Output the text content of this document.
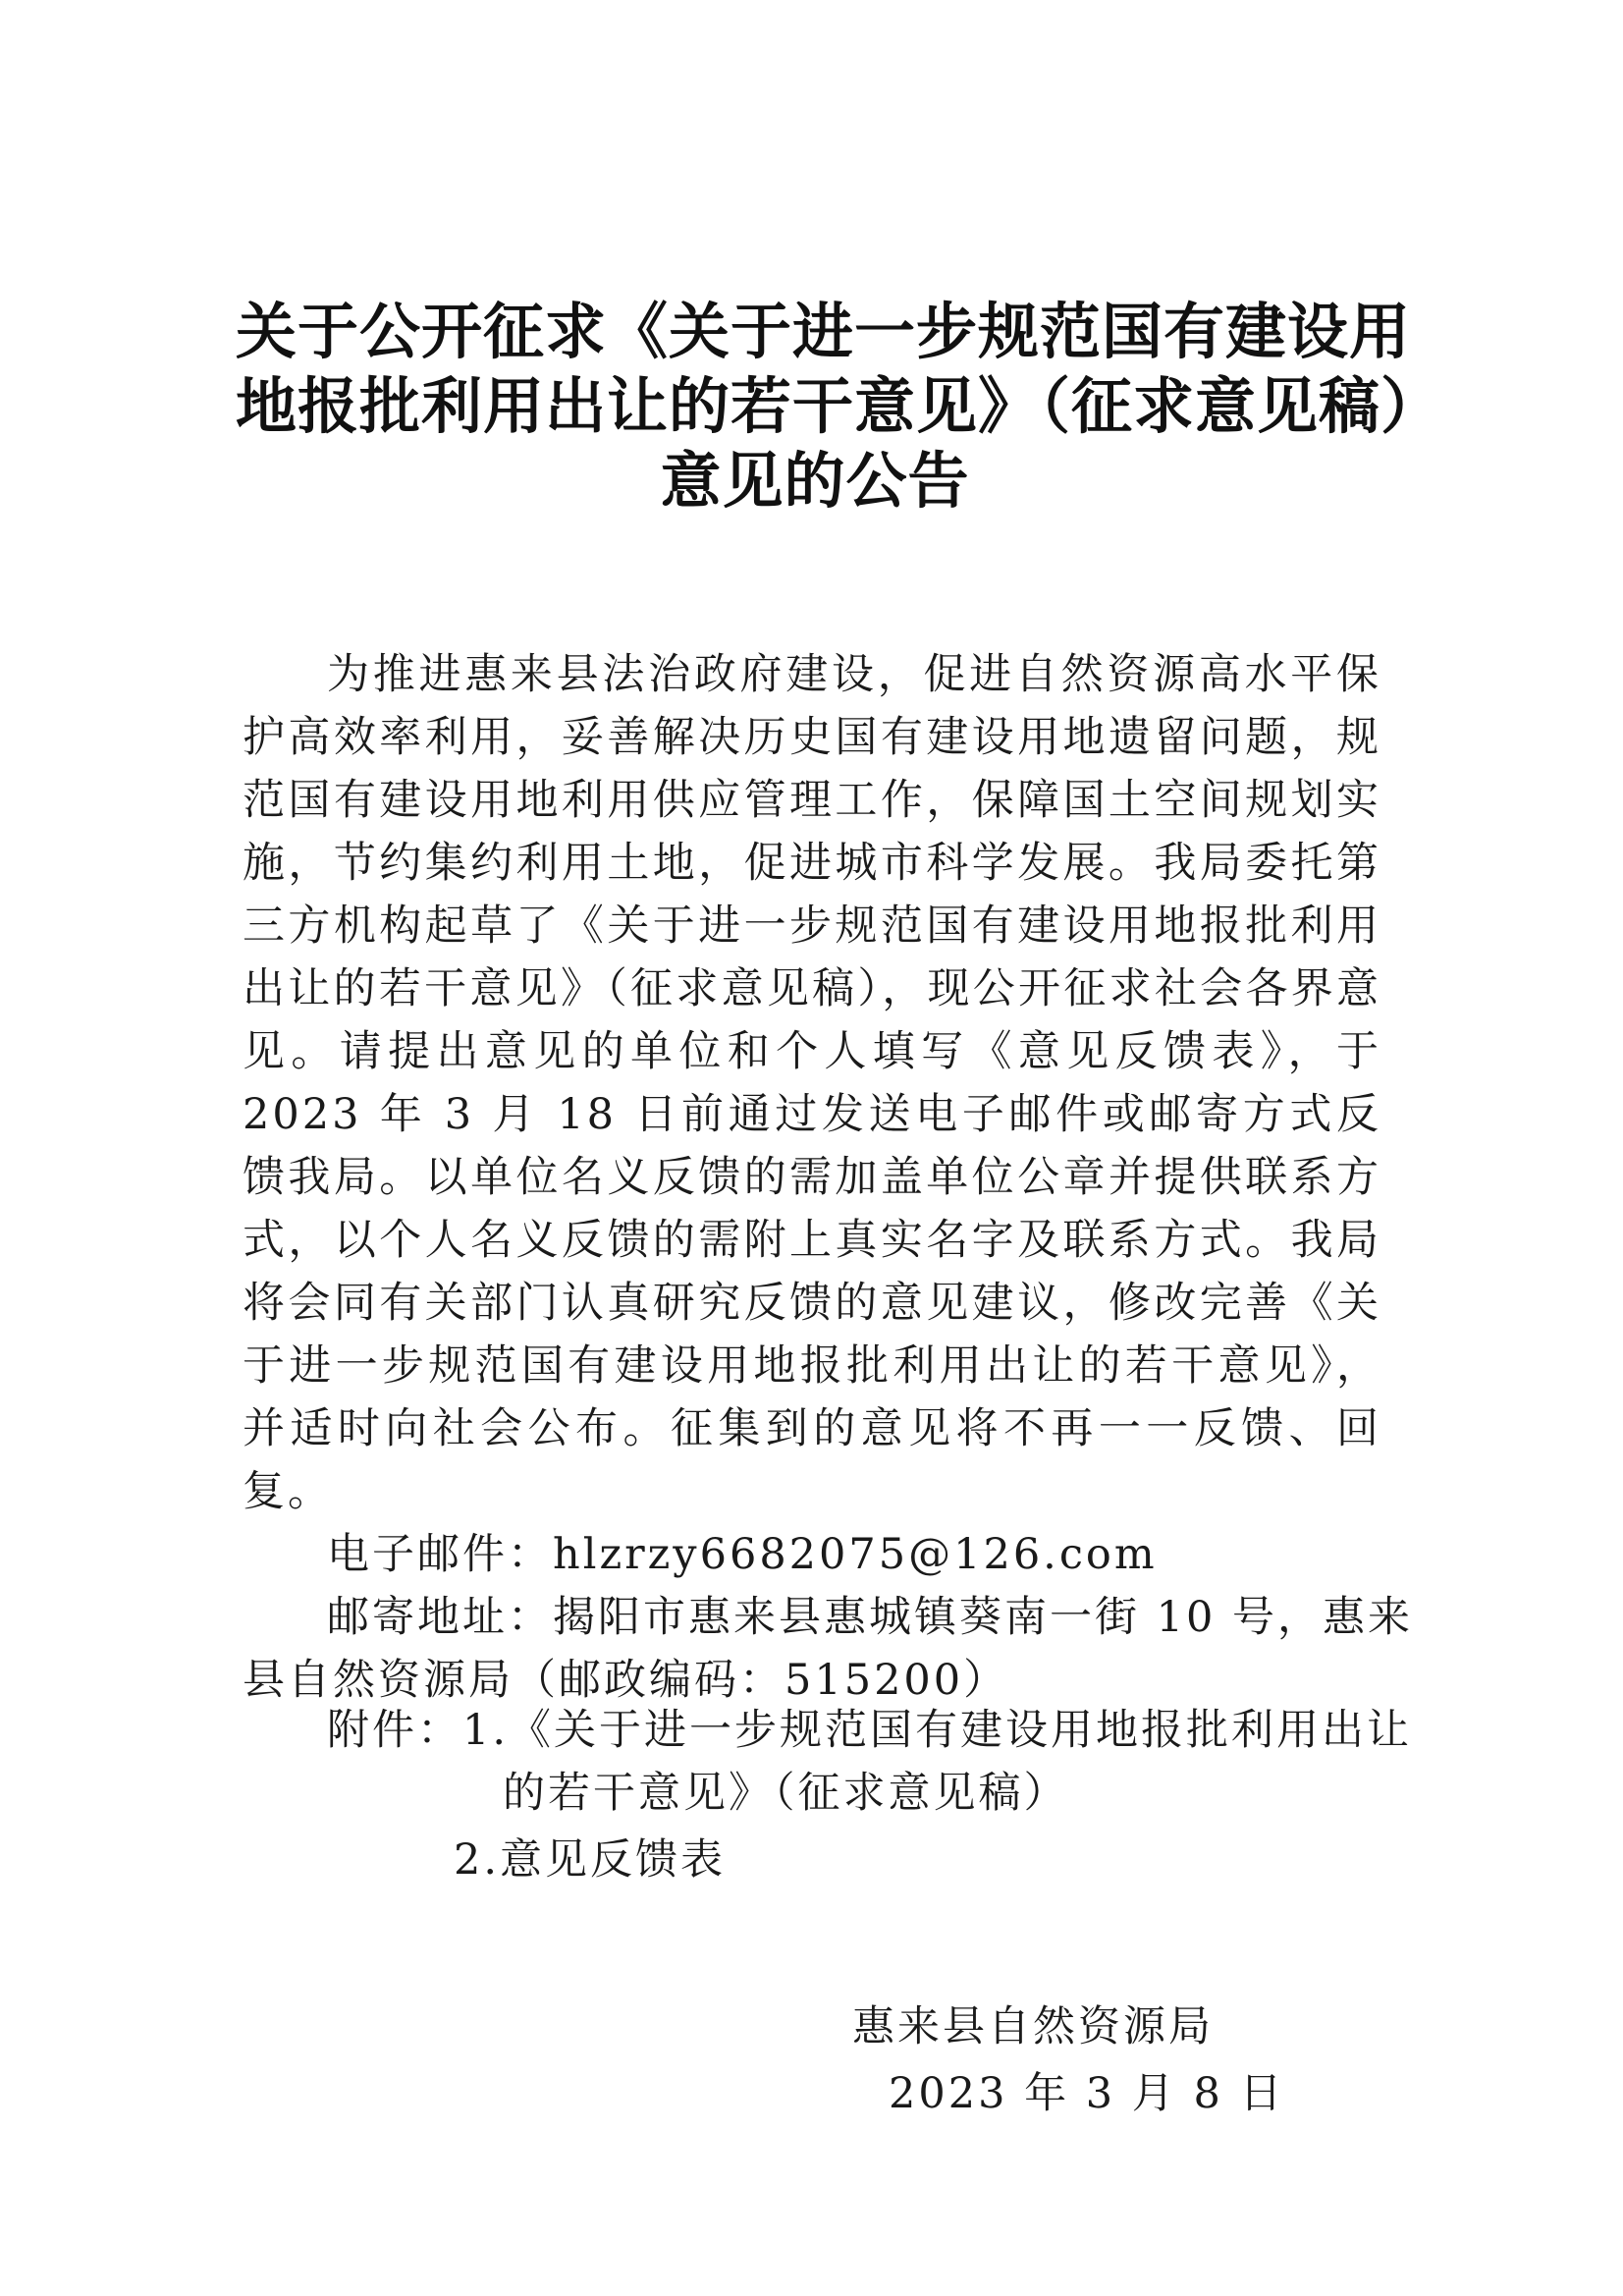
关于公开征求《关于进一步规范国有建设用
地报批利用出让的若干意见》（征求意见稿）
意见的公告

为推进惠来县法治政府建设，促进自然资源高水平保护高效率利用，妥善解决历史国有建设用地遗留问题，规范国有建设用地利用供应管理工作，保障国土空间规划实施，节约集约利用土地，促进城市科学发展。我局委托第三方机构起草了《关于进一步规范国有建设用地报批利用出让的若干意见》（征求意见稿），现公开征求社会各界意见。请提出意见的单位和个人填写《意见反馈表》，于 2023 年 3 月 18 日前通过发送电子邮件或邮寄方式反馈我局。以单位名义反馈的需加盖单位公章并提供联系方式，以个人名义反馈的需附上真实名字及联系方式。我局将会同有关部门认真研究反馈的意见建议，修改完善《关于进一步规范国有建设用地报批利用出让的若干意见》，并适时向社会公布。征集到的意见将不再一一反馈、回复。

电子邮件：hlzrzy6682075@126.com

邮寄地址：揭阳市惠来县惠城镇葵南一街 10 号，惠来

县自然资源局（邮政编码：515200）

附件：1.《关于进一步规范国有建设用地报批利用出让
的若干意见》（征求意见稿）
2.意见反馈表
惠来县自然资源局
2023 年 3 月 8 日
